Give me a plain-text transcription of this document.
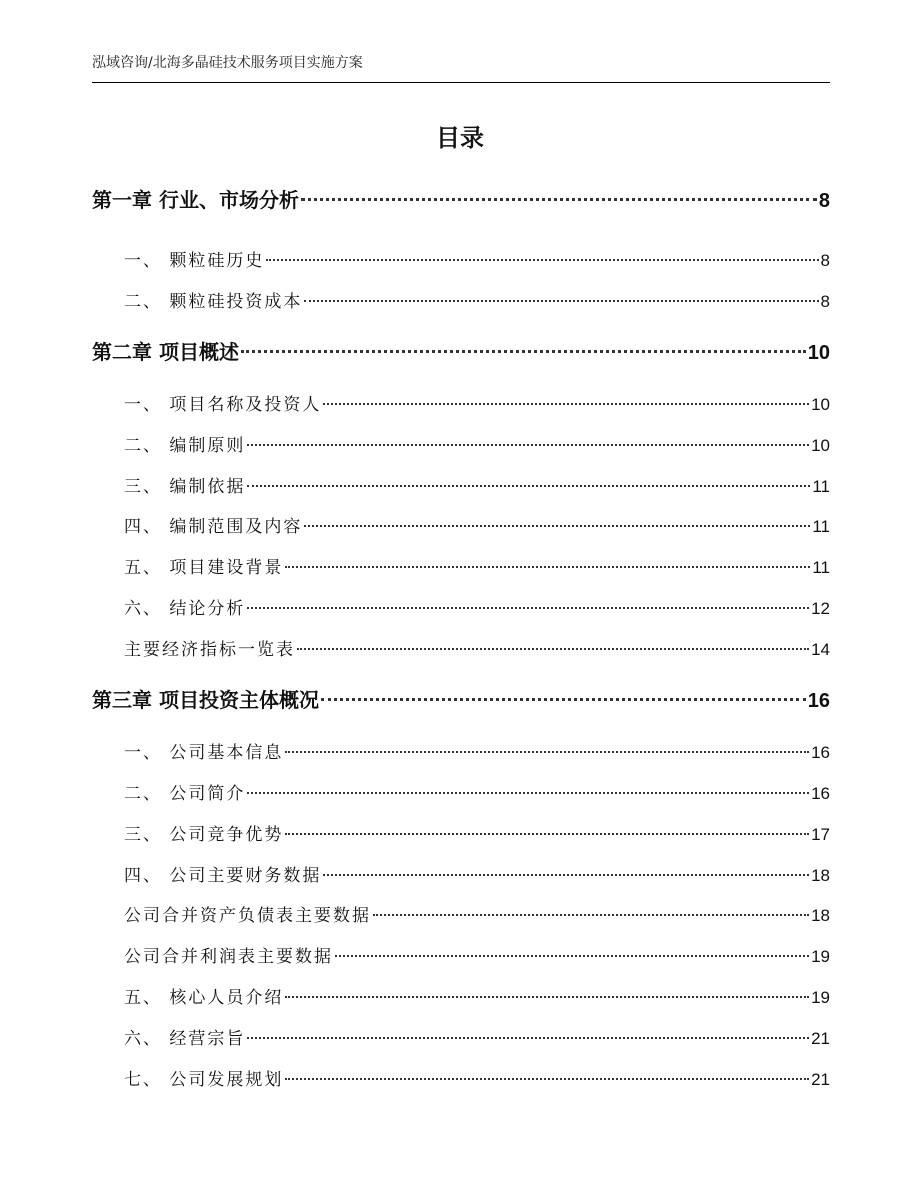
泓域咨询/北海多晶硅技术服务项目实施方案
目录
第一章 行业、市场分析	8
一、 颗粒硅历史	8
二、 颗粒硅投资成本	8
第二章 项目概述	10
一、 项目名称及投资人	10
二、 编制原则	10
三、 编制依据	11
四、 编制范围及内容	11
五、 项目建设背景	11
六、 结论分析	12
主要经济指标一览表	14
第三章 项目投资主体概况	16
一、 公司基本信息	16
二、 公司简介	16
三、 公司竞争优势	17
四、 公司主要财务数据	18
公司合并资产负债表主要数据	18
公司合并利润表主要数据	19
五、 核心人员介绍	19
六、 经营宗旨	21
七、 公司发展规划	21
